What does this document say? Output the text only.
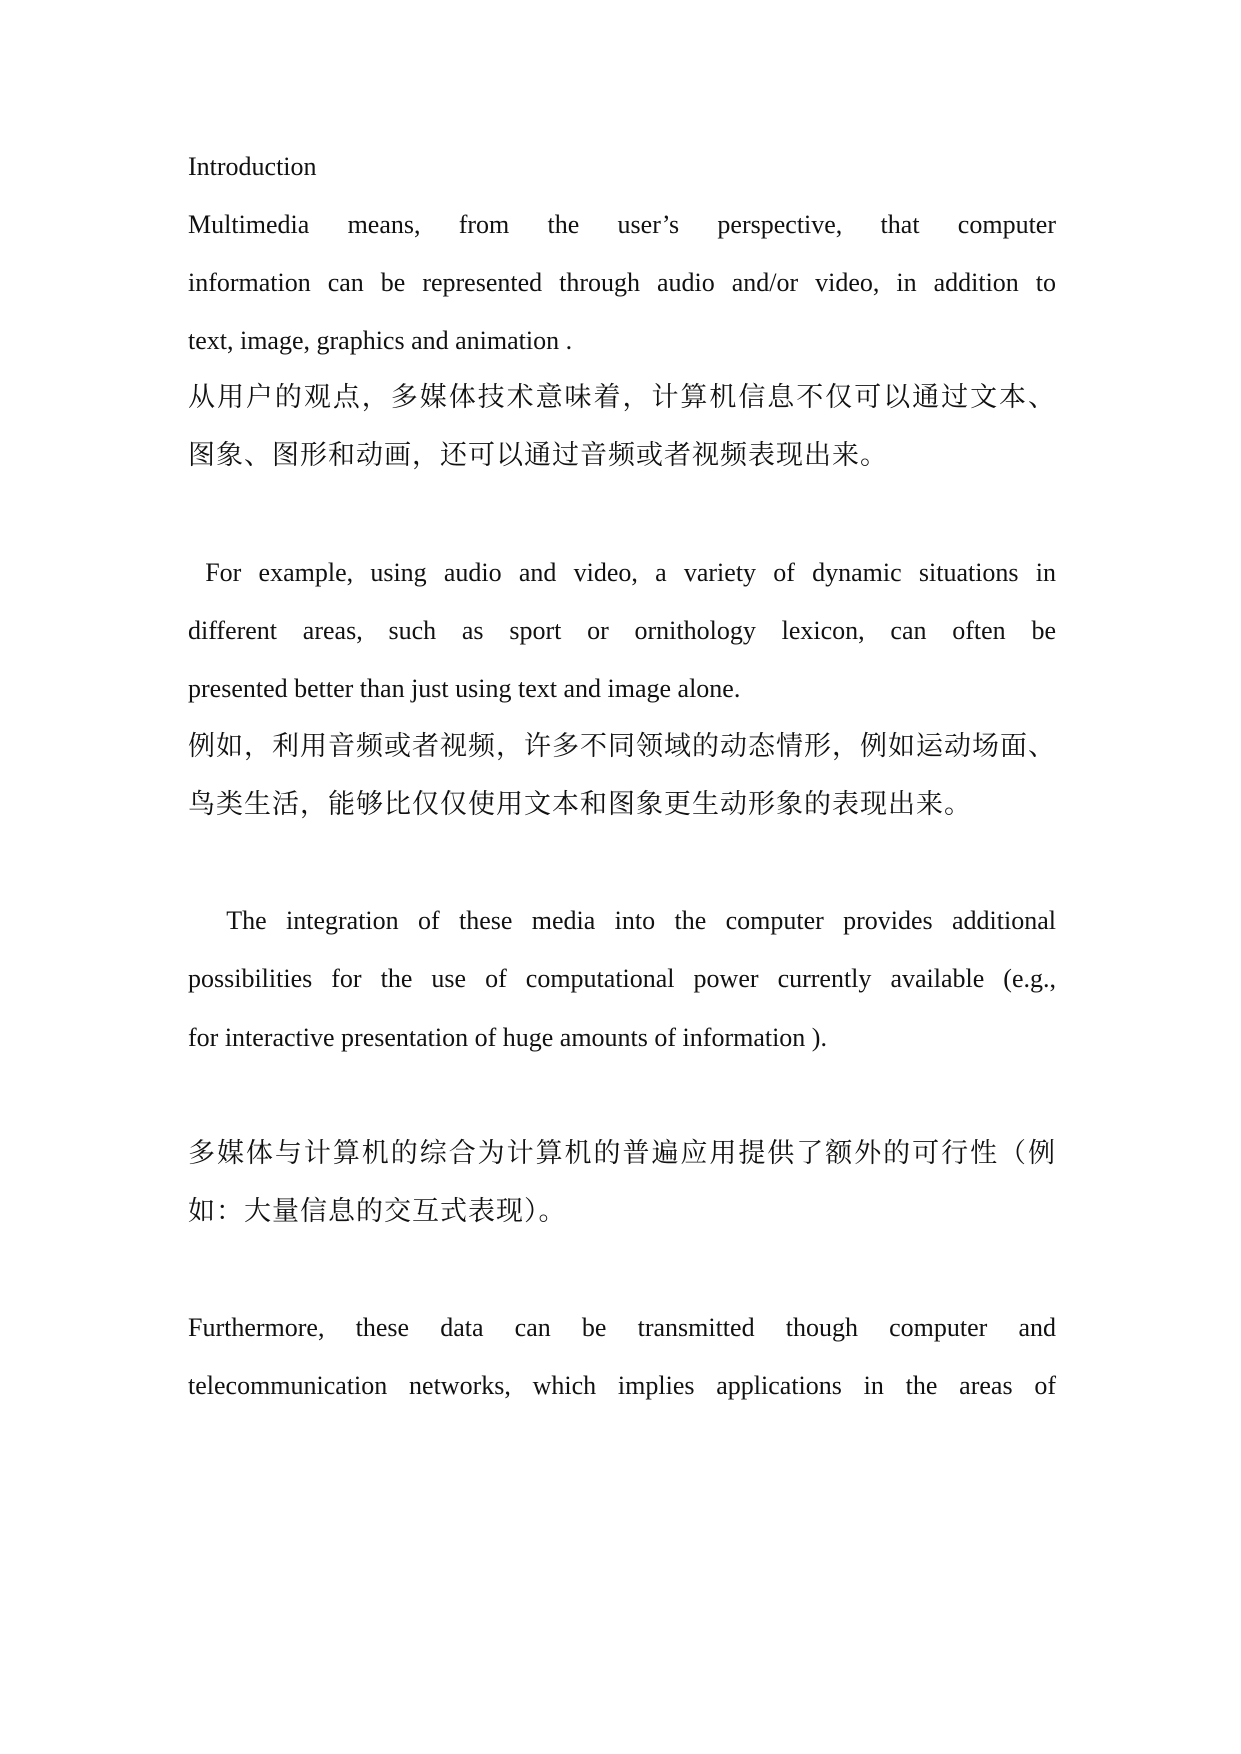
Introduction
Multimedia means, from the user’s perspective, that computer
information can be represented through audio and/or video, in addition to
text, image, graphics and animation .
从用户的观点，多媒体技术意味着，计算机信息不仅可以通过文本、
图象、图形和动画，还可以通过音频或者视频表现出来。
For example, using audio and video, a variety of dynamic situations in
different areas, such as sport or ornithology lexicon, can often be
presented better than just using text and image alone.
例如，利用音频或者视频，许多不同领域的动态情形，例如运动场面、
鸟类生活，能够比仅仅使用文本和图象更生动形象的表现出来。
The integration of these media into the computer provides additional
possibilities for the use of computational power currently available (e.g.,
for interactive presentation of huge amounts of information ).
多媒体与计算机的综合为计算机的普遍应用提供了额外的可行性（例
如：大量信息的交互式表现）。
Furthermore, these data can be transmitted though computer and
telecommunication networks, which implies applications in the areas of
